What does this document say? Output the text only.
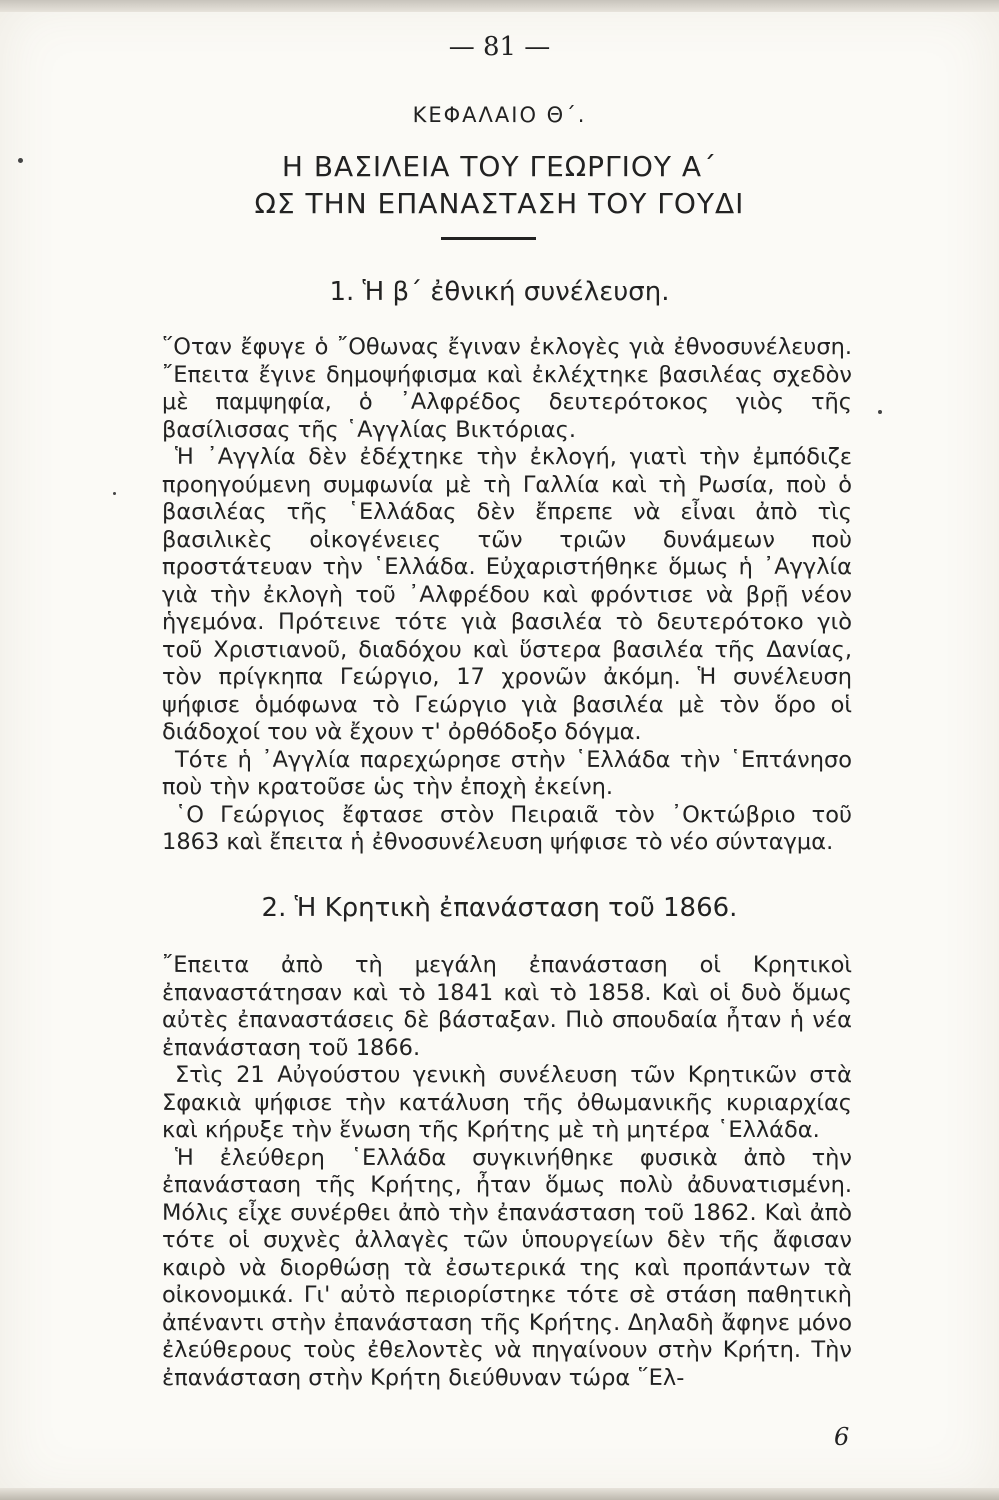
— 81 —
ΚΕΦΑΛΑΙΟ Θ΄.
Η ΒΑΣΙΛΕΙΑ ΤΟΥ ΓΕΩΡΓΙΟΥ Α΄
ΩΣ ΤΗΝ ΕΠΑΝΑΣΤΑΣΗ ΤΟΥ ΓΟΥΔΙ
1. Ἡ β΄ ἐθνική συνέλευση.

῞Οταν ἔφυγε ὁ ῎Οθωνας ἔγιναν ἐκλογὲς γιὰ ἐθνοσυνέλευση. ῎Επειτα ἔγινε δημοψήφισμα καὶ ἐκλέχτηκε βασιλέας σχεδὸν μὲ παμψηφία, ὁ ᾿Αλφρέδος δευτερότοκος γιὸς τῆς βασίλισσας τῆς ῾Αγγλίας Βικτόριας.

Ἡ ᾿Αγγλία δὲν ἐδέχτηκε τὴν ἐκλογή, γιατὶ τὴν ἐμπόδιζε προηγούμενη συμφωνία μὲ τὴ Γαλλία καὶ τὴ Ρωσία, ποὺ ὁ βασιλέας τῆς ῾Ελλάδας δὲν ἔπρεπε νὰ εἶναι ἀπὸ τὶς βασιλικὲς οἰκογένειες τῶν τριῶν δυνάμεων ποὺ προστάτευαν τὴν ῾Ελλάδα. Εὐχαριστήθηκε ὅμως ἡ ᾿Αγγλία γιὰ τὴν ἐκλογὴ τοῦ ᾿Αλφρέδου καὶ φρόντισε νὰ βρῇ νέον ἡγεμόνα. Πρότεινε τότε γιὰ βασιλέα τὸ δευτερότοκο γιὸ τοῦ Χριστιανοῦ, διαδόχου καὶ ὕστερα βασιλέα τῆς Δανίας, τὸν πρίγκηπα Γεώργιο, 17 χρονῶν ἀκόμη. Ἡ συνέλευση ψήφισε ὁμόφωνα τὸ Γεώργιο γιὰ βασιλέα μὲ τὸν ὅρο οἱ διάδοχοί του νὰ ἔχουν τ' ὀρθόδοξο δόγμα.

Τότε ἡ ᾿Αγγλία παρεχώρησε στὴν ῾Ελλάδα τὴν ῾Επτάνησο ποὺ τὴν κρατοῦσε ὡς τὴν ἐποχὴ ἐκείνη.

῾Ο Γεώργιος ἔφτασε στὸν Πειραιᾶ τὸν ᾿Οκτώβριο τοῦ 1863 καὶ ἔπειτα ἡ ἐθνοσυνέλευση ψήφισε τὸ νέο σύνταγμα.

2. Ἡ Κρητικὴ ἐπανάσταση τοῦ 1866.

῎Επειτα ἀπὸ τὴ μεγάλη ἐπανάσταση οἱ Κρητικοὶ ἐπαναστάτησαν καὶ τὸ 1841 καὶ τὸ 1858. Καὶ οἱ δυὸ ὅμως αὐτὲς ἐπαναστάσεις δὲ βάσταξαν. Πιὸ σπουδαία ἦταν ἡ νέα ἐπανάσταση τοῦ 1866.

Στὶς 21 Αὐγούστου γενικὴ συνέλευση τῶν Κρητικῶν στὰ Σφακιὰ ψήφισε τὴν κατάλυση τῆς ὀθωμανικῆς κυριαρχίας καὶ κήρυξε τὴν ἕνωση τῆς Κρήτης μὲ τὴ μητέρα ῾Ελλάδα.

Ἡ ἐλεύθερη ῾Ελλάδα συγκινήθηκε φυσικὰ ἀπὸ τὴν ἐπανάσταση τῆς Κρήτης, ἦταν ὅμως πολὺ ἀδυνατισμένη. Μόλις εἶχε συνέρθει ἀπὸ τὴν ἐπανάσταση τοῦ 1862. Καὶ ἀπὸ τότε οἱ συχνὲς ἀλλαγὲς τῶν ὑπουργείων δὲν τῆς ἄφισαν καιρὸ νὰ διορθώσῃ τὰ ἐσωτερικά της καὶ προπάντων τὰ οἰκονομικά. Γι' αὐτὸ περιορίστηκε τότε σὲ στάση παθητικὴ ἀπέναντι στὴν ἐπανάσταση τῆς Κρήτης. Δηλαδὴ ἄφηνε μόνο ἐλεύθερους τοὺς ἐθελοντὲς νὰ πηγαίνουν στὴν Κρήτη. Τὴν ἐπανάσταση στὴν Κρήτη διεύθυναν τώρα ῞Ελ-

6
